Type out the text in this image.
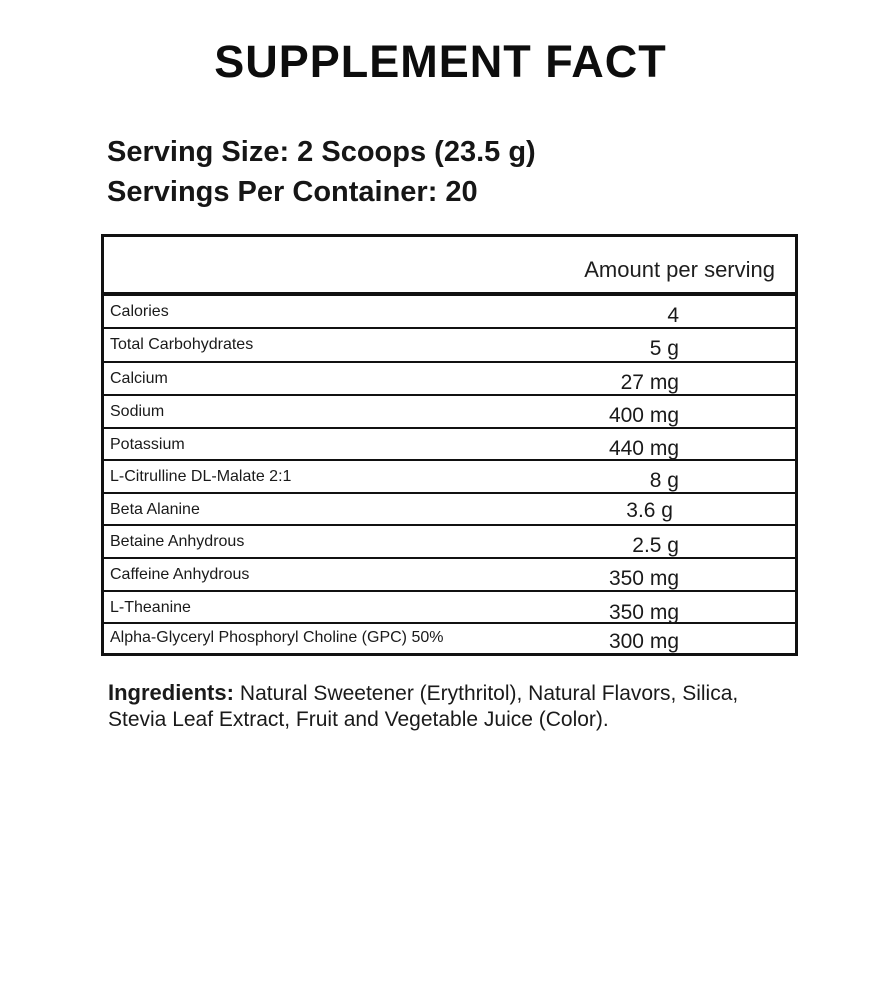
SUPPLEMENT FACT
Serving Size: 2 Scoops (23.5 g)
Servings Per Container: 20
Amount per serving
Calories	4
Total Carbohydrates	5 g
Calcium	27 mg
Sodium	400 mg
Potassium	440 mg
L-Citrulline DL-Malate 2:1	8 g
Beta Alanine	3.6 g
Betaine Anhydrous	2.5 g
Caffeine Anhydrous	350 mg
L-Theanine	350 mg
Alpha-Glyceryl Phosphoryl Choline (GPC) 50%	300 mg
Ingredients: Natural Sweetener (Erythritol), Natural Flavors, Silica, Stevia Leaf Extract, Fruit and Vegetable Juice (Color).
